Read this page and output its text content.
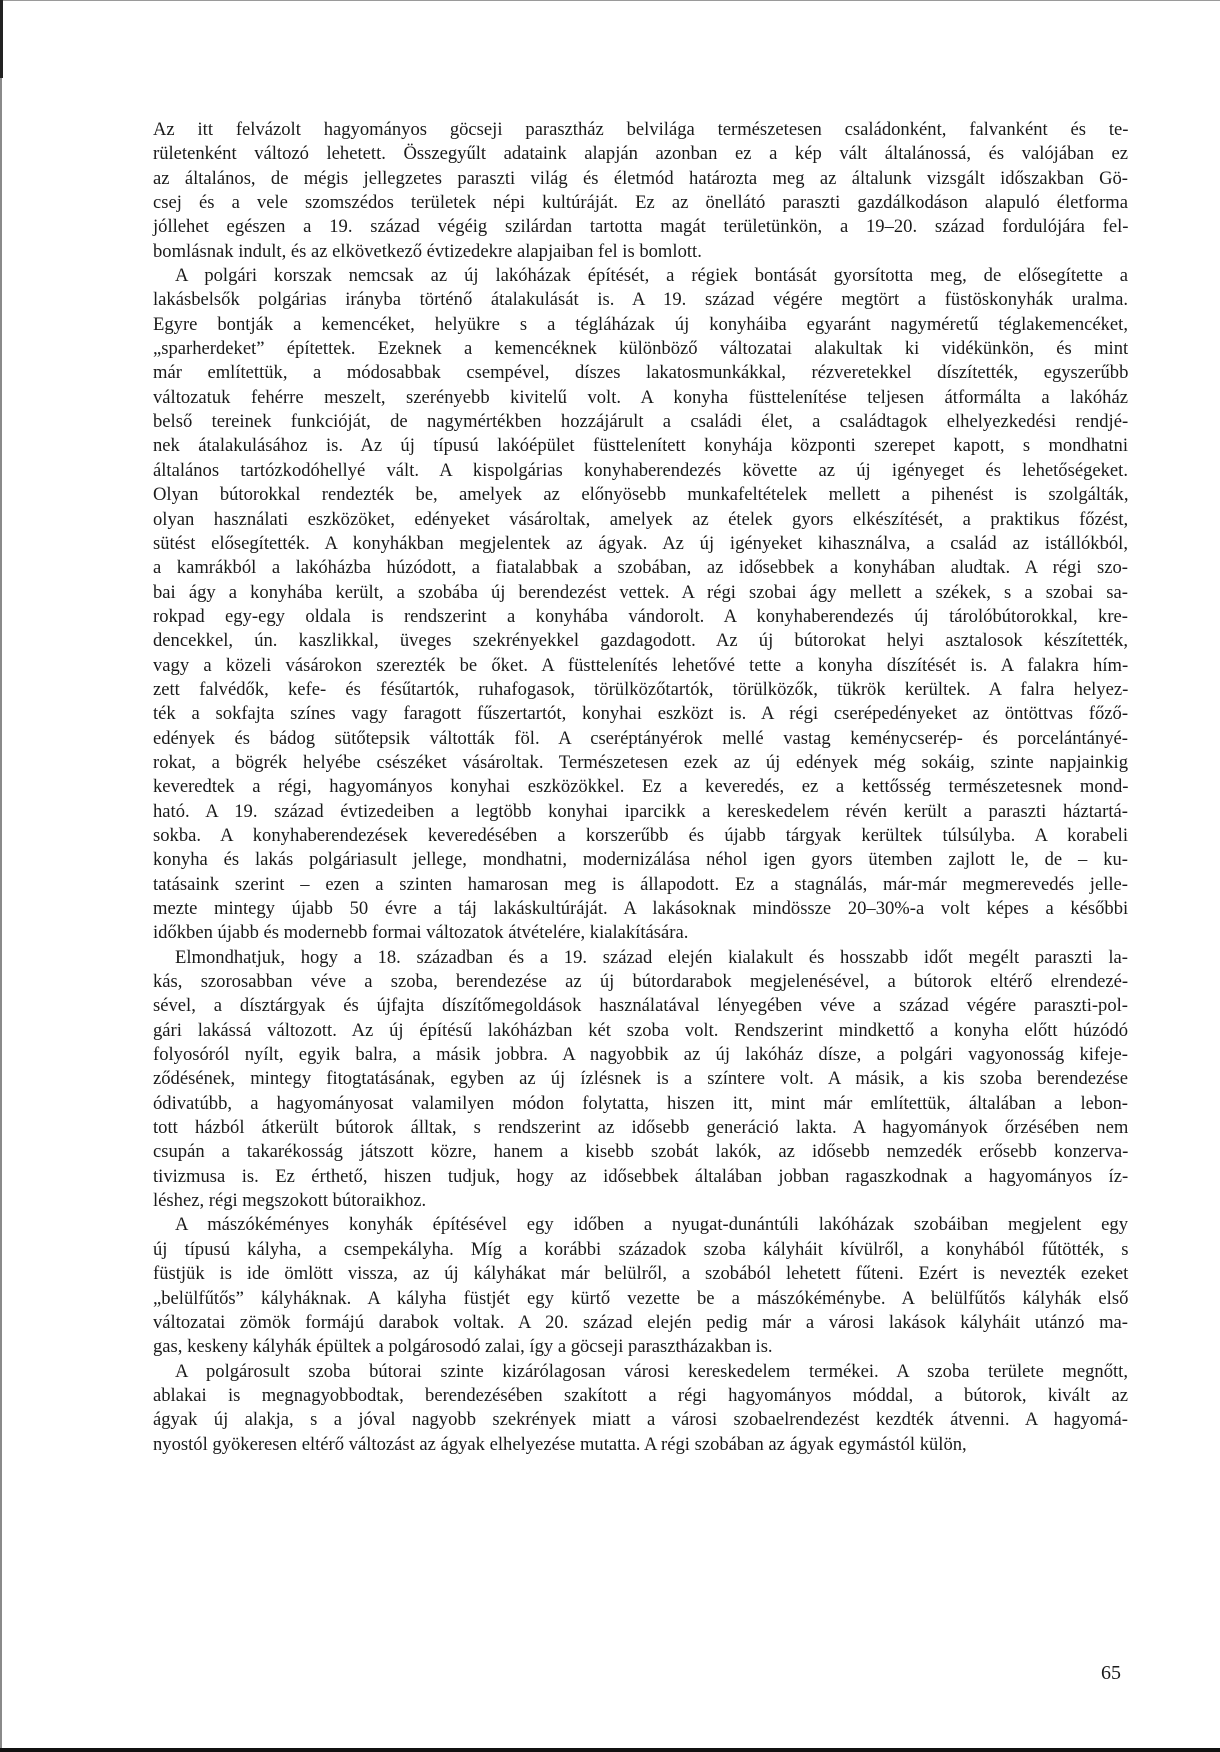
Az itt felvázolt hagyományos göcseji parasztház belvilága természetesen családonként, falvanként és te-
rületenként változó lehetett. Összegyűlt adataink alapján azonban ez a kép vált általánossá, és valójában ez
az általános, de mégis jellegzetes paraszti világ és életmód határozta meg az általunk vizsgált időszakban Gö-
csej és a vele szomszédos területek népi kultúráját. Ez az önellátó paraszti gazdálkodáson alapuló életforma
jóllehet egészen a 19. század végéig szilárdan tartotta magát területünkön, a 19–20. század fordulójára fel-
bomlásnak indult, és az elkövetkező évtizedekre alapjaiban fel is bomlott.
A polgári korszak nemcsak az új lakóházak építését, a régiek bontását gyorsította meg, de elősegítette a
lakásbelsők polgárias irányba történő átalakulását is. A 19. század végére megtört a füstöskonyhák uralma.
Egyre bontják a kemencéket, helyükre s a tégláházak új konyháiba egyaránt nagyméretű téglakemencéket,
„sparherdeket” építettek. Ezeknek a kemencéknek különböző változatai alakultak ki vidékünkön, és mint
már említettük, a módosabbak csempével, díszes lakatosmunkákkal, rézveretekkel díszítették, egyszerűbb
változatuk fehérre meszelt, szerényebb kivitelű volt. A konyha füsttelenítése teljesen átformálta a lakóház
belső tereinek funkcióját, de nagymértékben hozzájárult a családi élet, a családtagok elhelyezkedési rendjé-
nek átalakulásához is. Az új típusú lakóépület füsttelenített konyhája központi szerepet kapott, s mondhatni
általános tartózkodóhellyé vált. A kispolgárias konyhaberendezés követte az új igényeget és lehetőségeket.
Olyan bútorokkal rendezték be, amelyek az előnyösebb munkafeltételek mellett a pihenést is szolgálták,
olyan használati eszközöket, edényeket vásároltak, amelyek az ételek gyors elkészítését, a praktikus főzést,
sütést elősegítették. A konyhákban megjelentek az ágyak. Az új igényeket kihasználva, a család az istállókból,
a kamrákból a lakóházba húzódott, a fiatalabbak a szobában, az idősebbek a konyhában aludtak. A régi szo-
bai ágy a konyhába került, a szobába új berendezést vettek. A régi szobai ágy mellett a székek, s a szobai sa-
rokpad egy-egy oldala is rendszerint a konyhába vándorolt. A konyhaberendezés új tárolóbútorokkal, kre-
dencekkel, ún. kaszlikkal, üveges szekrényekkel gazdagodott. Az új bútorokat helyi asztalosok készítették,
vagy a közeli vásárokon szerezték be őket. A füsttelenítés lehetővé tette a konyha díszítését is. A falakra hím-
zett falvédők, kefe- és fésűtartók, ruhafogasok, törülközőtartók, törülközők, tükrök kerültek. A falra helyez-
ték a sokfajta színes vagy faragott fűszertartót, konyhai eszközt is. A régi cserépedényeket az öntöttvas főző-
edények és bádog sütőtepsik váltották föl. A cseréptányérok mellé vastag keménycserép- és porcelántányé-
rokat, a bögrék helyébe csészéket vásároltak. Természetesen ezek az új edények még sokáig, szinte napjainkig
keveredtek a régi, hagyományos konyhai eszközökkel. Ez a keveredés, ez a kettősség természetesnek mond-
ható. A 19. század évtizedeiben a legtöbb konyhai iparcikk a kereskedelem révén került a paraszti háztartá-
sokba. A konyhaberendezések keveredésében a korszerűbb és újabb tárgyak kerültek túlsúlyba. A korabeli
konyha és lakás polgáriasult jellege, mondhatni, modernizálása néhol igen gyors ütemben zajlott le, de – ku-
tatásaink szerint – ezen a szinten hamarosan meg is állapodott. Ez a stagnálás, már-már megmerevedés jelle-
mezte mintegy újabb 50 évre a táj lakáskultúráját. A lakásoknak mindössze 20–30%-a volt képes a későbbi
időkben újabb és modernebb formai változatok átvételére, kialakítására.
Elmondhatjuk, hogy a 18. században és a 19. század elején kialakult és hosszabb időt megélt paraszti la-
kás, szorosabban véve a szoba, berendezése az új bútordarabok megjelenésével, a bútorok eltérő elrendezé-
sével, a dísztárgyak és újfajta díszítőmegoldások használatával lényegében véve a század végére paraszti-pol-
gári lakássá változott. Az új építésű lakóházban két szoba volt. Rendszerint mindkettő a konyha előtt húzódó
folyosóról nyílt, egyik balra, a másik jobbra. A nagyobbik az új lakóház dísze, a polgári vagyonosság kifeje-
ződésének, mintegy fitogtatásának, egyben az új ízlésnek is a színtere volt. A másik, a kis szoba berendezése
ódivatúbb, a hagyományosat valamilyen módon folytatta, hiszen itt, mint már említettük, általában a lebon-
tott házból átkerült bútorok álltak, s rendszerint az idősebb generáció lakta. A hagyományok őrzésében nem
csupán a takarékosság játszott közre, hanem a kisebb szobát lakók, az idősebb nemzedék erősebb konzerva-
tivizmusa is. Ez érthető, hiszen tudjuk, hogy az idősebbek általában jobban ragaszkodnak a hagyományos íz-
léshez, régi megszokott bútoraikhoz.
A mászókéményes konyhák építésével egy időben a nyugat-dunántúli lakóházak szobáiban megjelent egy
új típusú kályha, a csempekályha. Míg a korábbi századok szoba kályháit kívülről, a konyhából fűtötték, s
füstjük is ide ömlött vissza, az új kályhákat már belülről, a szobából lehetett fűteni. Ezért is nevezték ezeket
„belülfűtős” kályháknak. A kályha füstjét egy kürtő vezette be a mászókéménybe. A belülfűtős kályhák első
változatai zömök formájú darabok voltak. A 20. század elején pedig már a városi lakások kályháit utánzó ma-
gas, keskeny kályhák épültek a polgárosodó zalai, így a göcseji parasztházakban is.
A polgárosult szoba bútorai szinte kizárólagosan városi kereskedelem termékei. A szoba területe megnőtt,
ablakai is megnagyobbodtak, berendezésében szakított a régi hagyományos móddal, a bútorok, kivált az
ágyak új alakja, s a jóval nagyobb szekrények miatt a városi szobaelrendezést kezdték átvenni. A hagyomá-
nyostól gyökeresen eltérő változást az ágyak elhelyezése mutatta. A régi szobában az ágyak egymástól külön,
65
